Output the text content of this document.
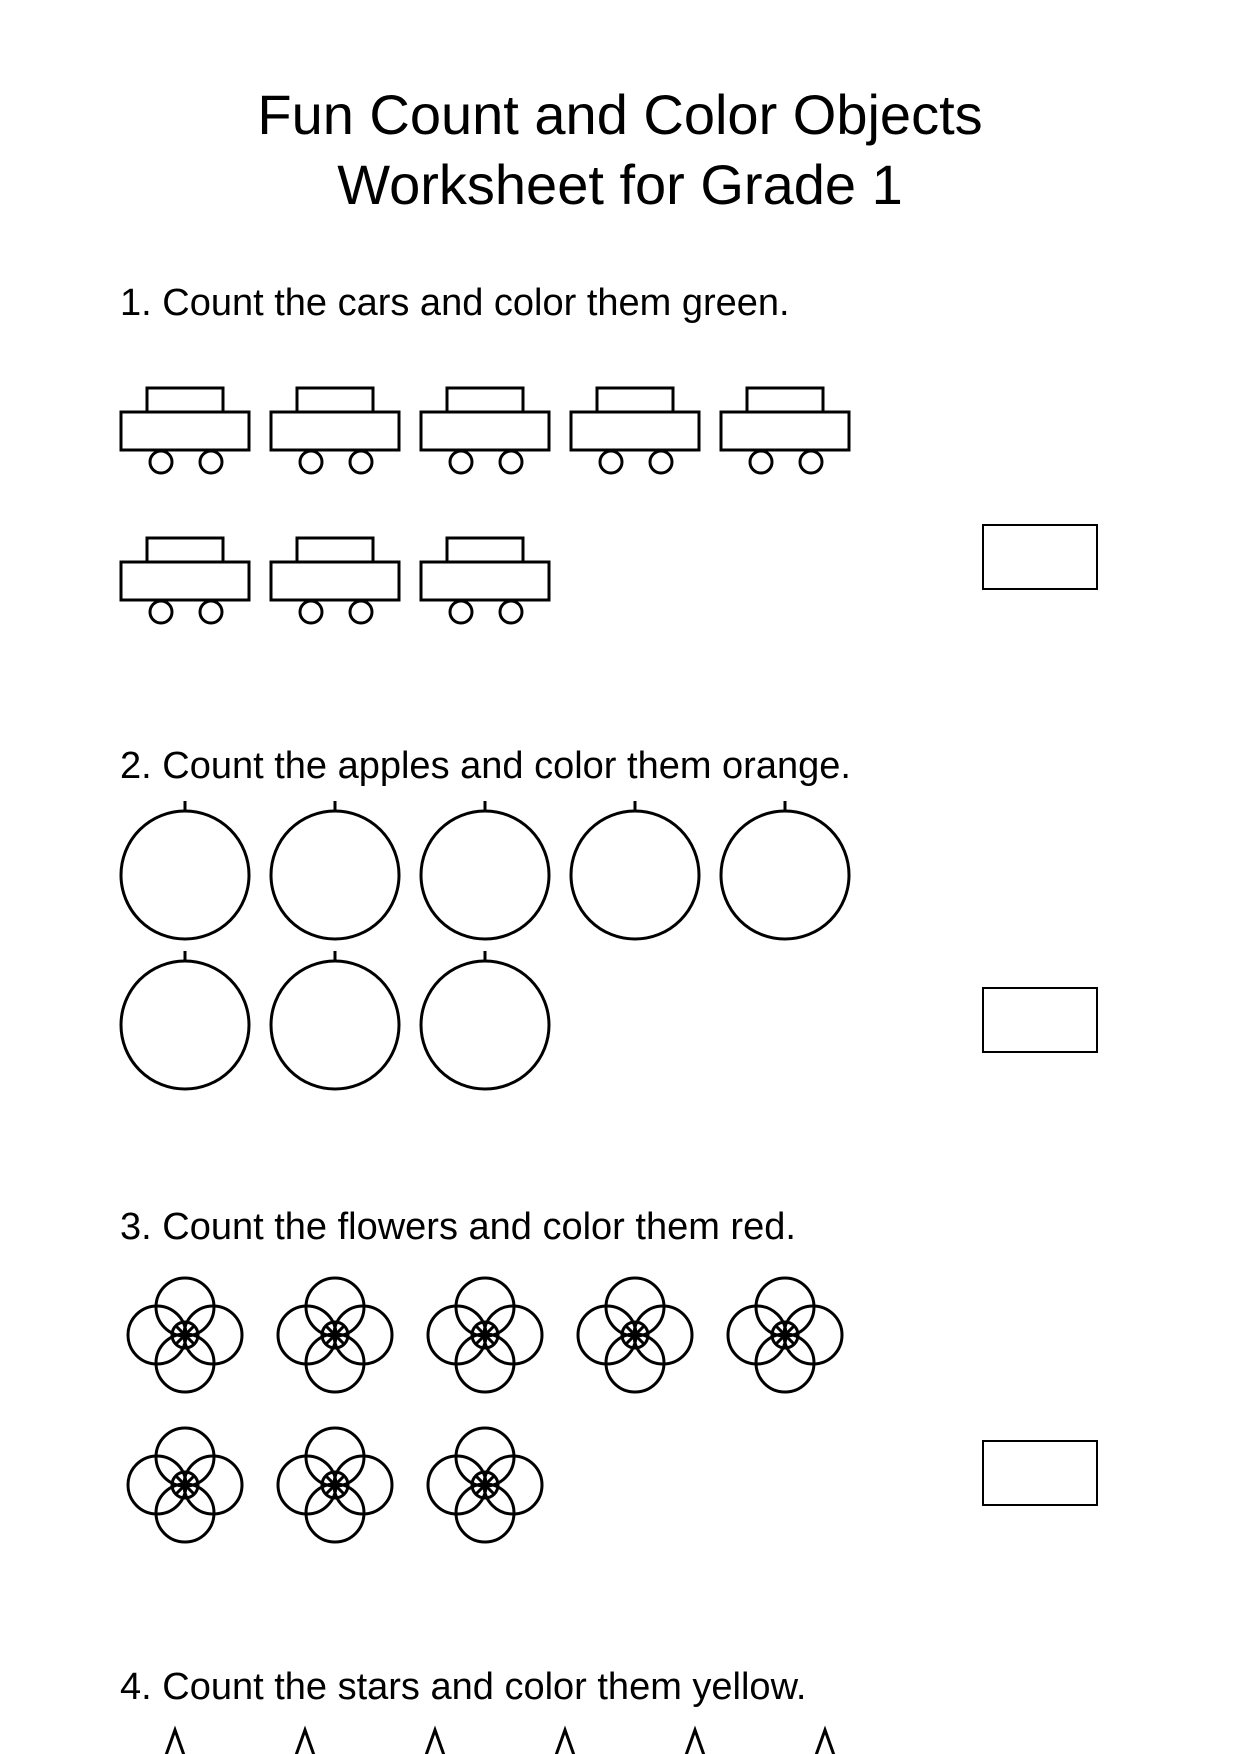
Fun Count and Color Objects
Worksheet for Grade 1

1. Count the cars and color them green.

2. Count the apples and color them orange.

3. Count the flowers and color them red.

4. Count the stars and color them yellow.
